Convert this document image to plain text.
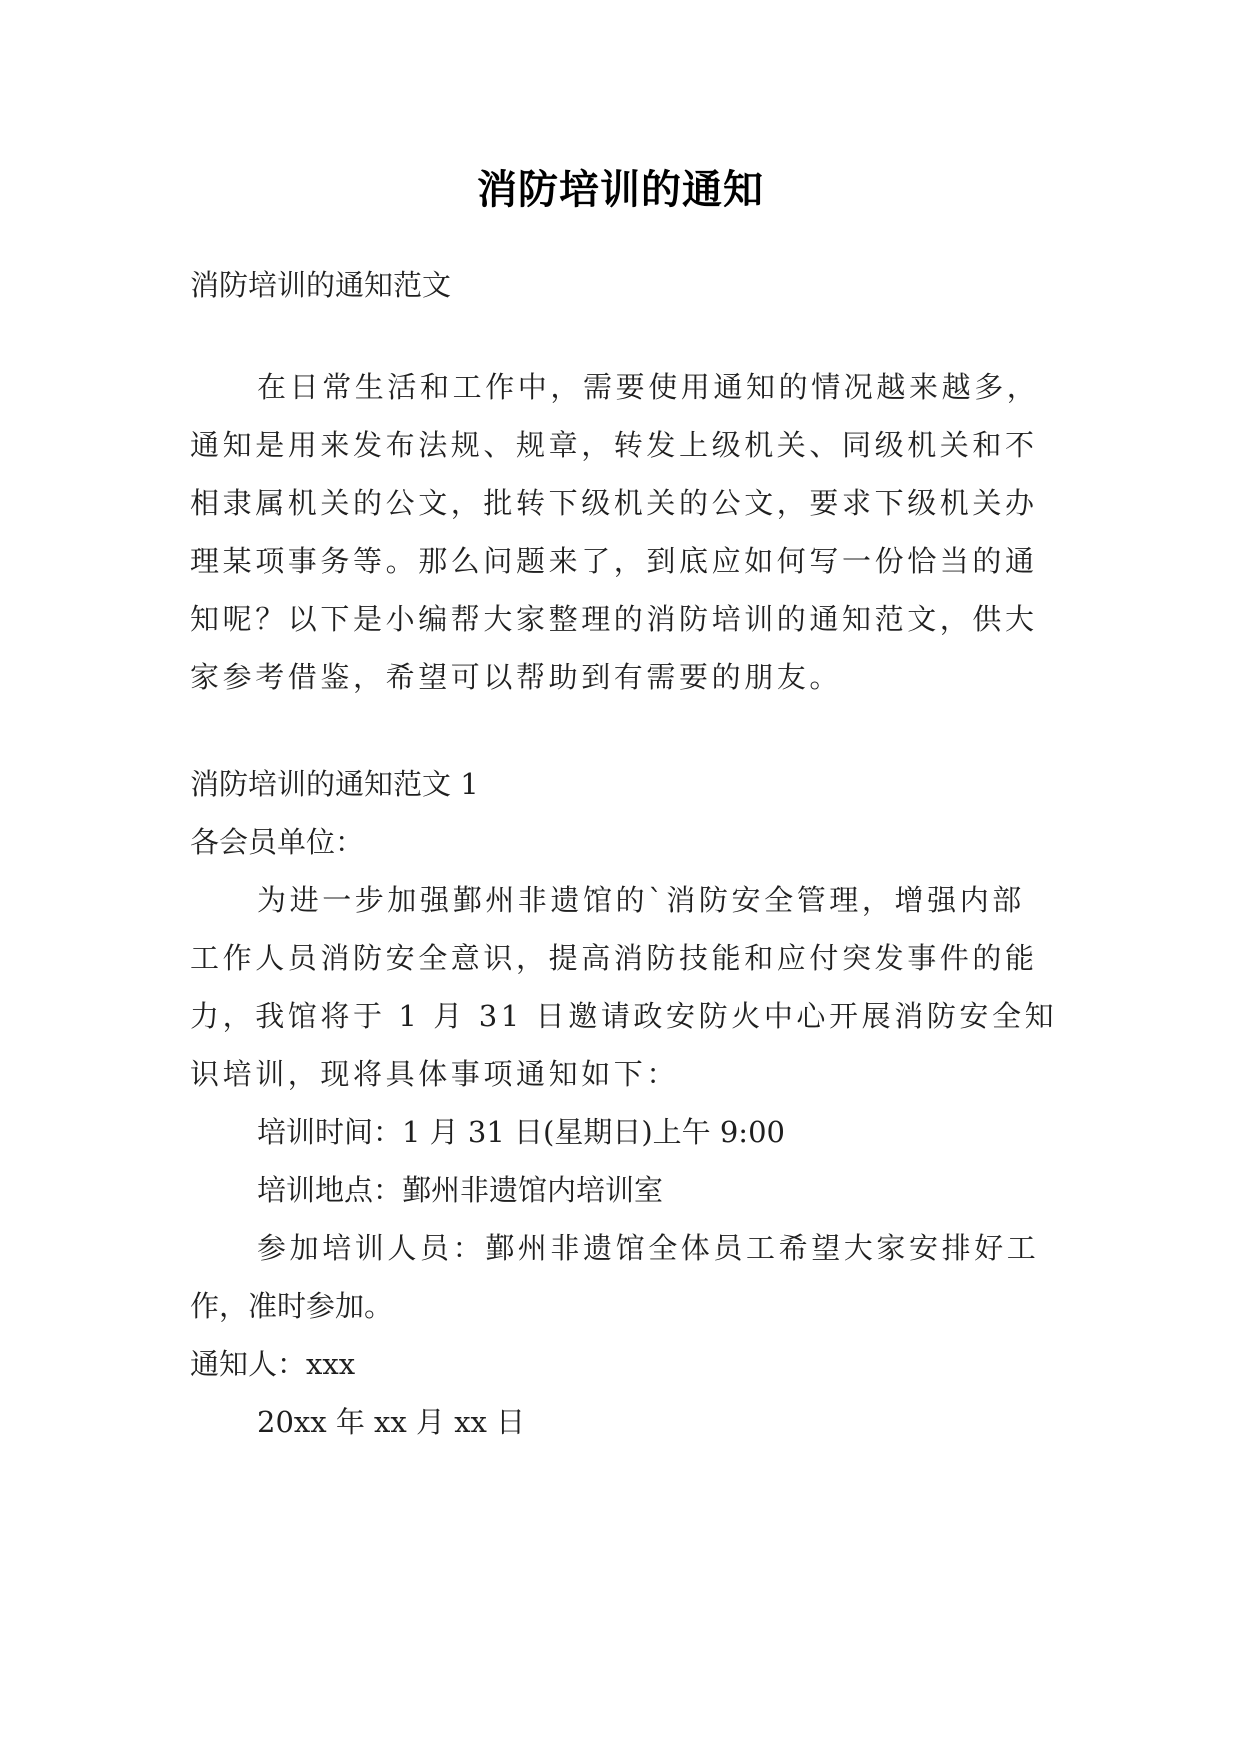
消防培训的通知
消防培训的通知范文
在日常生活和工作中，需要使用通知的情况越来越多，
通知是用来发布法规、规章，转发上级机关、同级机关和不
相隶属机关的公文，批转下级机关的公文，要求下级机关办
理某项事务等。那么问题来了，到底应如何写一份恰当的通
知呢？以下是小编帮大家整理的消防培训的通知范文，供大
家参考借鉴，希望可以帮助到有需要的朋友。
消防培训的通知范文 1
各会员单位：
为进一步加强鄞州非遗馆的`消防安全管理，增强内部
工作人员消防安全意识，提高消防技能和应付突发事件的能
力，我馆将于 1 月 31 日邀请政安防火中心开展消防安全知
识培训，现将具体事项通知如下：
培训时间：1 月 31 日(星期日)上午 9:00
培训地点：鄞州非遗馆内培训室
参加培训人员：鄞州非遗馆全体员工希望大家安排好工
作，准时参加。
通知人：xxx
20xx 年 xx 月 xx 日
